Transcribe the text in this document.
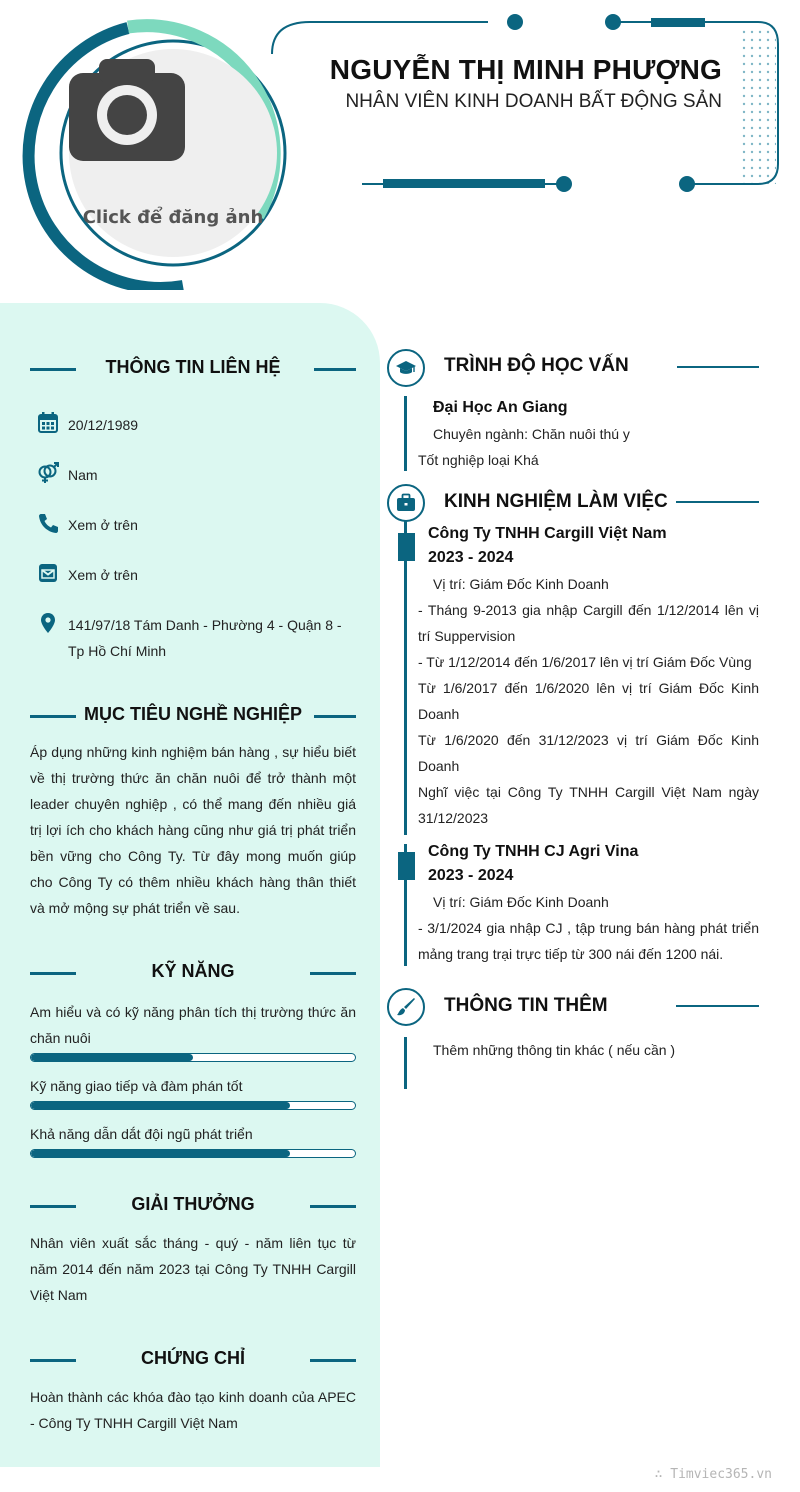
Click để đăng ảnh
NGUYỄN THỊ MINH PHƯỢNG
NHÂN VIÊN KINH DOANH BẤT ĐỘNG SẢN
THÔNG TIN LIÊN HỆ
20/12/1989
Nam
Xem ở trên
Xem ở trên
141/97/18 Tám Danh - Phường 4 - Quận 8 -
Tp Hồ Chí Minh
MỤC TIÊU NGHỀ NGHIỆP
Áp dụng những kinh nghiệm bán hàng , sự hiểu biết về thị trường thức ăn chăn nuôi để trở thành một leader chuyên nghiệp , có thể mang đến nhiều giá trị lợi ích cho khách hàng cũng như giá trị phát triển bền vững cho Công Ty. Từ đây mong muốn giúp cho Công Ty có thêm nhiều khách hàng thân thiết và mở mộng sự phát triển về sau.
KỸ NĂNG
Am hiểu và có kỹ năng phân tích thị trường thức ăn chăn nuôi
Kỹ năng giao tiếp và đàm phán tốt
Khả năng dẫn dắt đội ngũ phát triển
GIẢI THƯỞNG
Nhân viên xuất sắc tháng - quý - năm liên tục từ năm 2014 đến năm 2023 tại Công Ty TNHH Cargill Việt Nam
CHỨNG CHỈ
Hoàn thành các khóa đào tạo kinh doanh của APEC - Công Ty TNHH Cargill Việt Nam
TRÌNH ĐỘ HỌC VẤN
Đại Học An Giang
Chuyên ngành: Chăn nuôi thú y
Tốt nghiệp loại Khá
KINH NGHIỆM LÀM VIỆC
Công Ty TNHH Cargill Việt Nam
2023 - 2024
Vị trí: Giám Đốc Kinh Doanh
- Tháng 9-2013 gia nhập Cargill đến 1/12/2014 lên vị trí Suppervision
- Từ 1/12/2014 đến 1/6/2017 lên vị trí Giám Đốc Vùng
Từ 1/6/2017 đến 1/6/2020 lên vị trí Giám Đốc Kinh Doanh
Từ 1/6/2020 đến 31/12/2023 vị trí Giám Đốc Kinh Doanh
Nghĩ việc tại Công Ty TNHH Cargill Việt Nam ngày 31/12/2023
Công Ty TNHH CJ Agri Vina
2023 - 2024
Vị trí: Giám Đốc Kinh Doanh
- 3/1/2024 gia nhập CJ , tập trung bán hàng phát triển mảng trang trại trực tiếp từ 300 nái đến 1200 nái.
THÔNG TIN THÊM
Thêm những thông tin khác ( nếu cần )
∴ Timviec365.vn
